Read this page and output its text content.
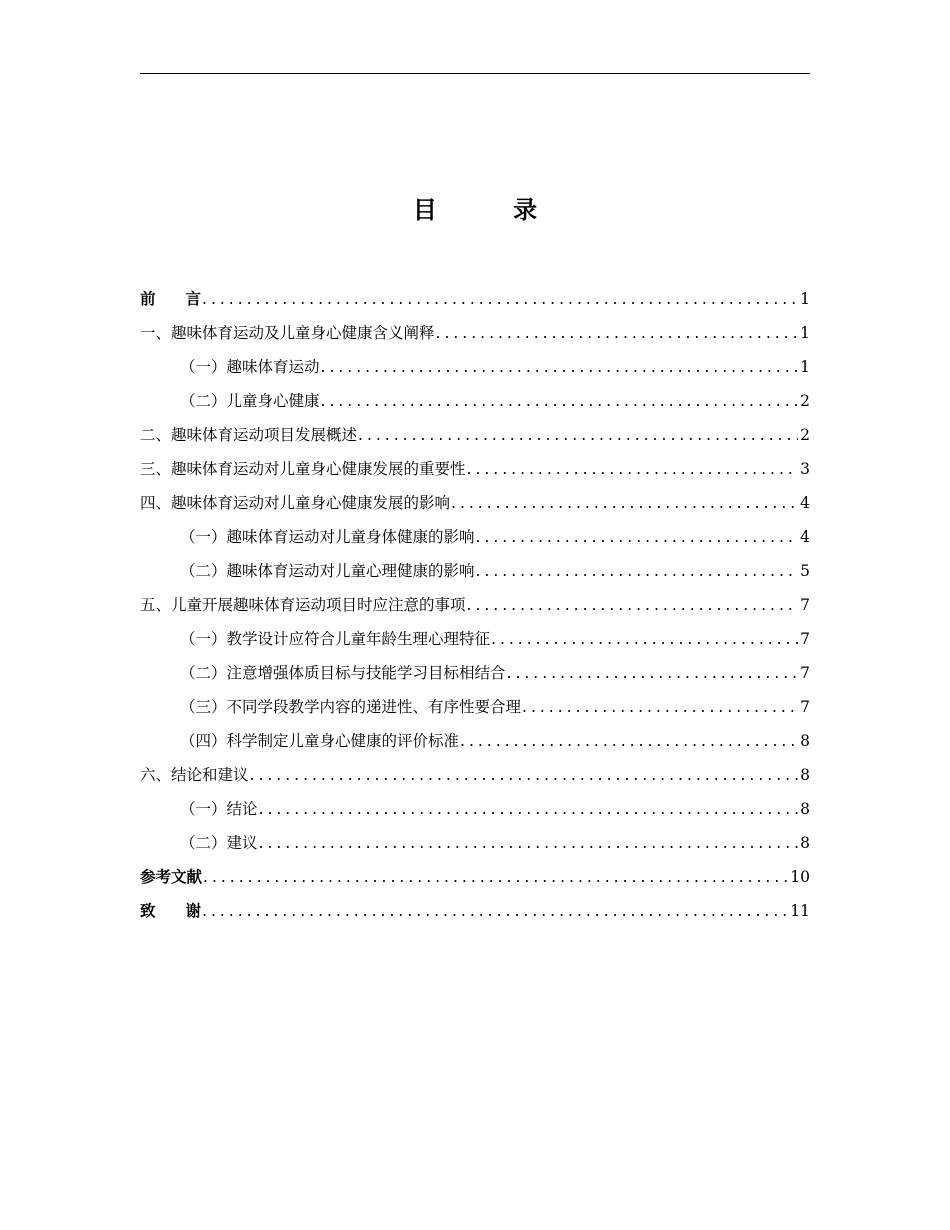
目 录
前言 .....	1
一、趣味体育运动及儿童身心健康含义阐释 .....	1
（一）趣味体育运动 .....	1
（二）儿童身心健康 .....	2
二、趣味体育运动项目发展概述 .....	2
三、趣味体育运动对儿童身心健康发展的重要性 .....	3
四、趣味体育运动对儿童身心健康发展的影响 .....	4
（一）趣味体育运动对儿童身体健康的影响 .....	4
（二）趣味体育运动对儿童心理健康的影响 .....	5
五、儿童开展趣味体育运动项目时应注意的事项 .....	7
（一）教学设计应符合儿童年龄生理心理特征 .....	7
（二）注意增强体质目标与技能学习目标相结合 .....	7
（三）不同学段教学内容的递进性、有序性要合理 .....	7
（四）科学制定儿童身心健康的评价标准 .....	8
六、结论和建议 .....	8
（一）结论 .....	8
（二）建议 .....	8
参考文献 .....	10
致谢 .....	11
